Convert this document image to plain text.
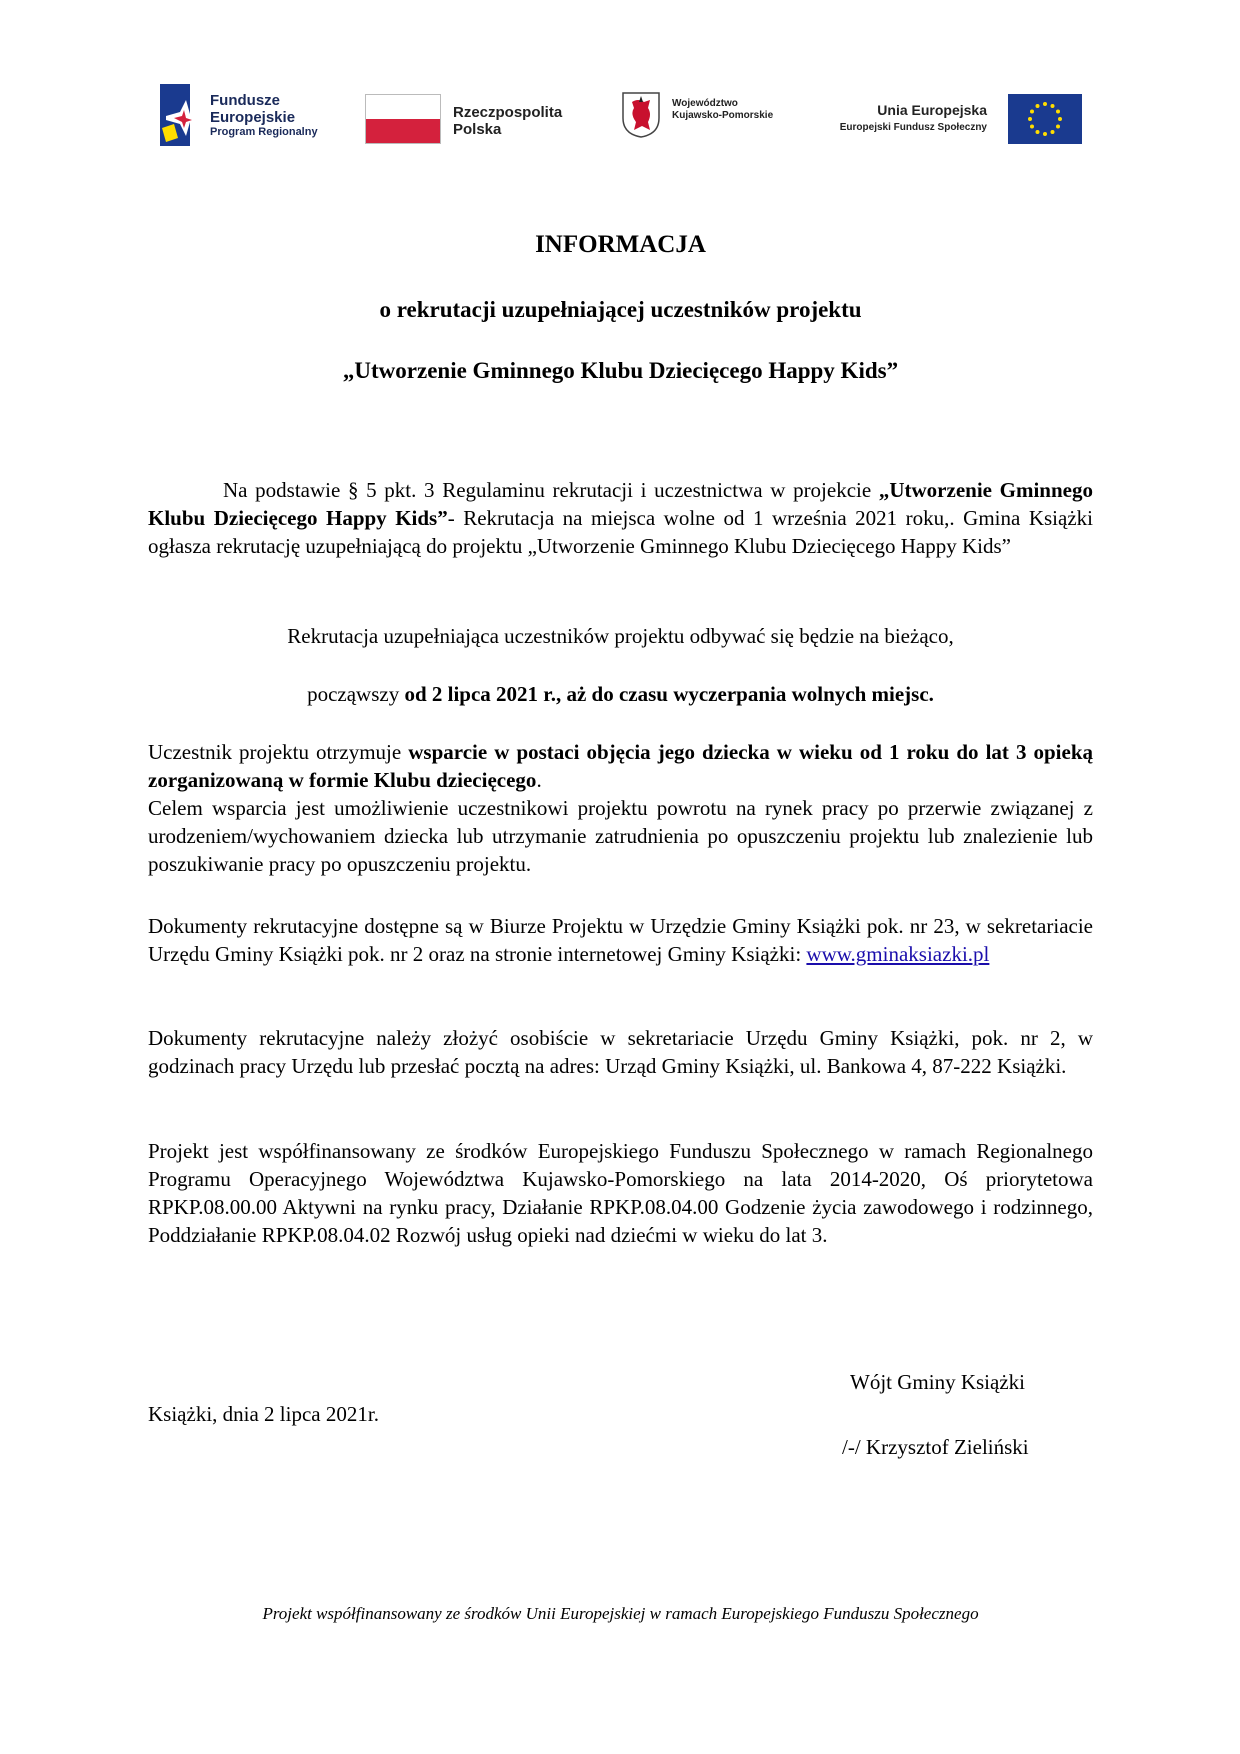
Fundusze
Europejskie
Program Regionalny
Rzeczpospolita
Polska
Województwo
Kujawsko-Pomorskie	Unia Europejska
Europejski Fundusz Społeczny
INFORMACJA
o rekrutacji uzupełniającej uczestników projektu
„Utworzenie Gminnego Klubu Dziecięcego Happy Kids”

Na podstawie § 5 pkt. 3 Regulaminu rekrutacji i uczestnictwa w projekcie „Utworzenie Gminnego Klubu Dziecięcego Happy Kids”- Rekrutacja na miejsca wolne od 1 września 2021 roku,. Gmina Książki ogłasza rekrutację uzupełniającą do projektu „Utworzenie Gminnego Klubu Dziecięcego Happy Kids”

Rekrutacja uzupełniająca uczestników projektu odbywać się będzie na bieżąco,

począwszy od 2 lipca 2021 r., aż do czasu wyczerpania wolnych miejsc.

Uczestnik projektu otrzymuje wsparcie w postaci objęcia jego dziecka w wieku od 1 roku do lat 3 opieką zorganizowaną w formie Klubu dziecięcego.

Celem wsparcia jest umożliwienie uczestnikowi projektu powrotu na rynek pracy po przerwie związanej z urodzeniem/wychowaniem dziecka lub utrzymanie zatrudnienia po opuszczeniu projektu lub znalezienie lub poszukiwanie pracy po opuszczeniu projektu.

Dokumenty rekrutacyjne dostępne są w Biurze Projektu w Urzędzie Gminy Książki pok. nr 23, w sekretariacie Urzędu Gminy Książki pok. nr 2 oraz na stronie internetowej Gminy Książki: www.gminaksiazki.pl

Dokumenty rekrutacyjne należy złożyć osobiście w sekretariacie Urzędu Gminy Książki, pok. nr 2, w godzinach pracy Urzędu lub przesłać pocztą na adres: Urząd Gminy Książki, ul. Bankowa 4, 87-222 Książki.

Projekt jest współfinansowany ze środków Europejskiego Funduszu Społecznego w ramach Regionalnego Programu Operacyjnego Województwa Kujawsko-Pomorskiego na lata 2014-2020, Oś priorytetowa RPKP.08.00.00 Aktywni na rynku pracy, Działanie RPKP.08.04.00 Godzenie życia zawodowego i rodzinnego, Poddziałanie RPKP.08.04.02 Rozwój usług opieki nad dziećmi w wieku do lat 3.

Wójt Gminy Książki
Książki, dnia 2 lipca 2021r.
/-/ Krzysztof Zieliński
Projekt współfinansowany ze środków Unii Europejskiej w ramach Europejskiego Funduszu Społecznego
